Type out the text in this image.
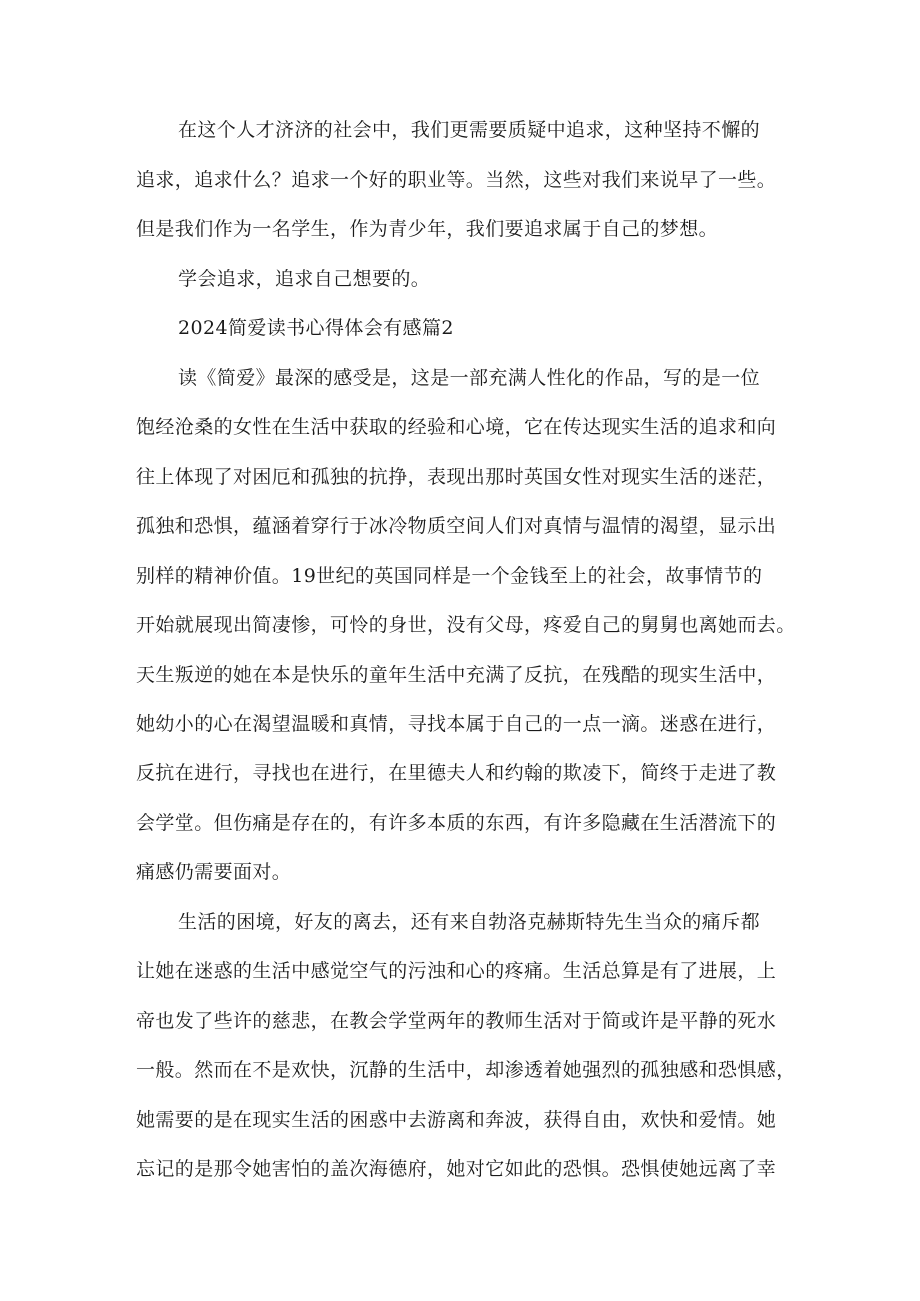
在这个人才济济的社会中，我们更需要质疑中追求，这种坚持不懈的
追求，追求什么？追求一个好的职业等。当然，这些对我们来说早了一些。
但是我们作为一名学生，作为青少年，我们要追求属于自己的梦想。
学会追求，追求自己想要的。
2024简爱读书心得体会有感篇2
读《简爱》最深的感受是，这是一部充满人性化的作品，写的是一位
饱经沧桑的女性在生活中获取的经验和心境，它在传达现实生活的追求和向
往上体现了对困厄和孤独的抗挣，表现出那时英国女性对现实生活的迷茫，
孤独和恐惧，蕴涵着穿行于冰冷物质空间人们对真情与温情的渴望，显示出
别样的精神价值。19世纪的英国同样是一个金钱至上的社会，故事情节的
开始就展现出简凄惨，可怜的身世，没有父母，疼爱自己的舅舅也离她而去。
天生叛逆的她在本是快乐的童年生活中充满了反抗，在残酷的现实生活中，
她幼小的心在渴望温暖和真情，寻找本属于自己的一点一滴。迷惑在进行，
反抗在进行，寻找也在进行，在里德夫人和约翰的欺凌下，简终于走进了教
会学堂。但伤痛是存在的，有许多本质的东西，有许多隐藏在生活潜流下的
痛感仍需要面对。
生活的困境，好友的离去，还有来自勃洛克赫斯特先生当众的痛斥都
让她在迷惑的生活中感觉空气的污浊和心的疼痛。生活总算是有了进展，上
帝也发了些许的慈悲，在教会学堂两年的教师生活对于简或许是平静的死水
一般。然而在不是欢快，沉静的生活中，却渗透着她强烈的孤独感和恐惧感，
她需要的是在现实生活的困惑中去游离和奔波，获得自由，欢快和爱情。她
忘记的是那令她害怕的盖次海德府，她对它如此的恐惧。恐惧使她远离了幸
